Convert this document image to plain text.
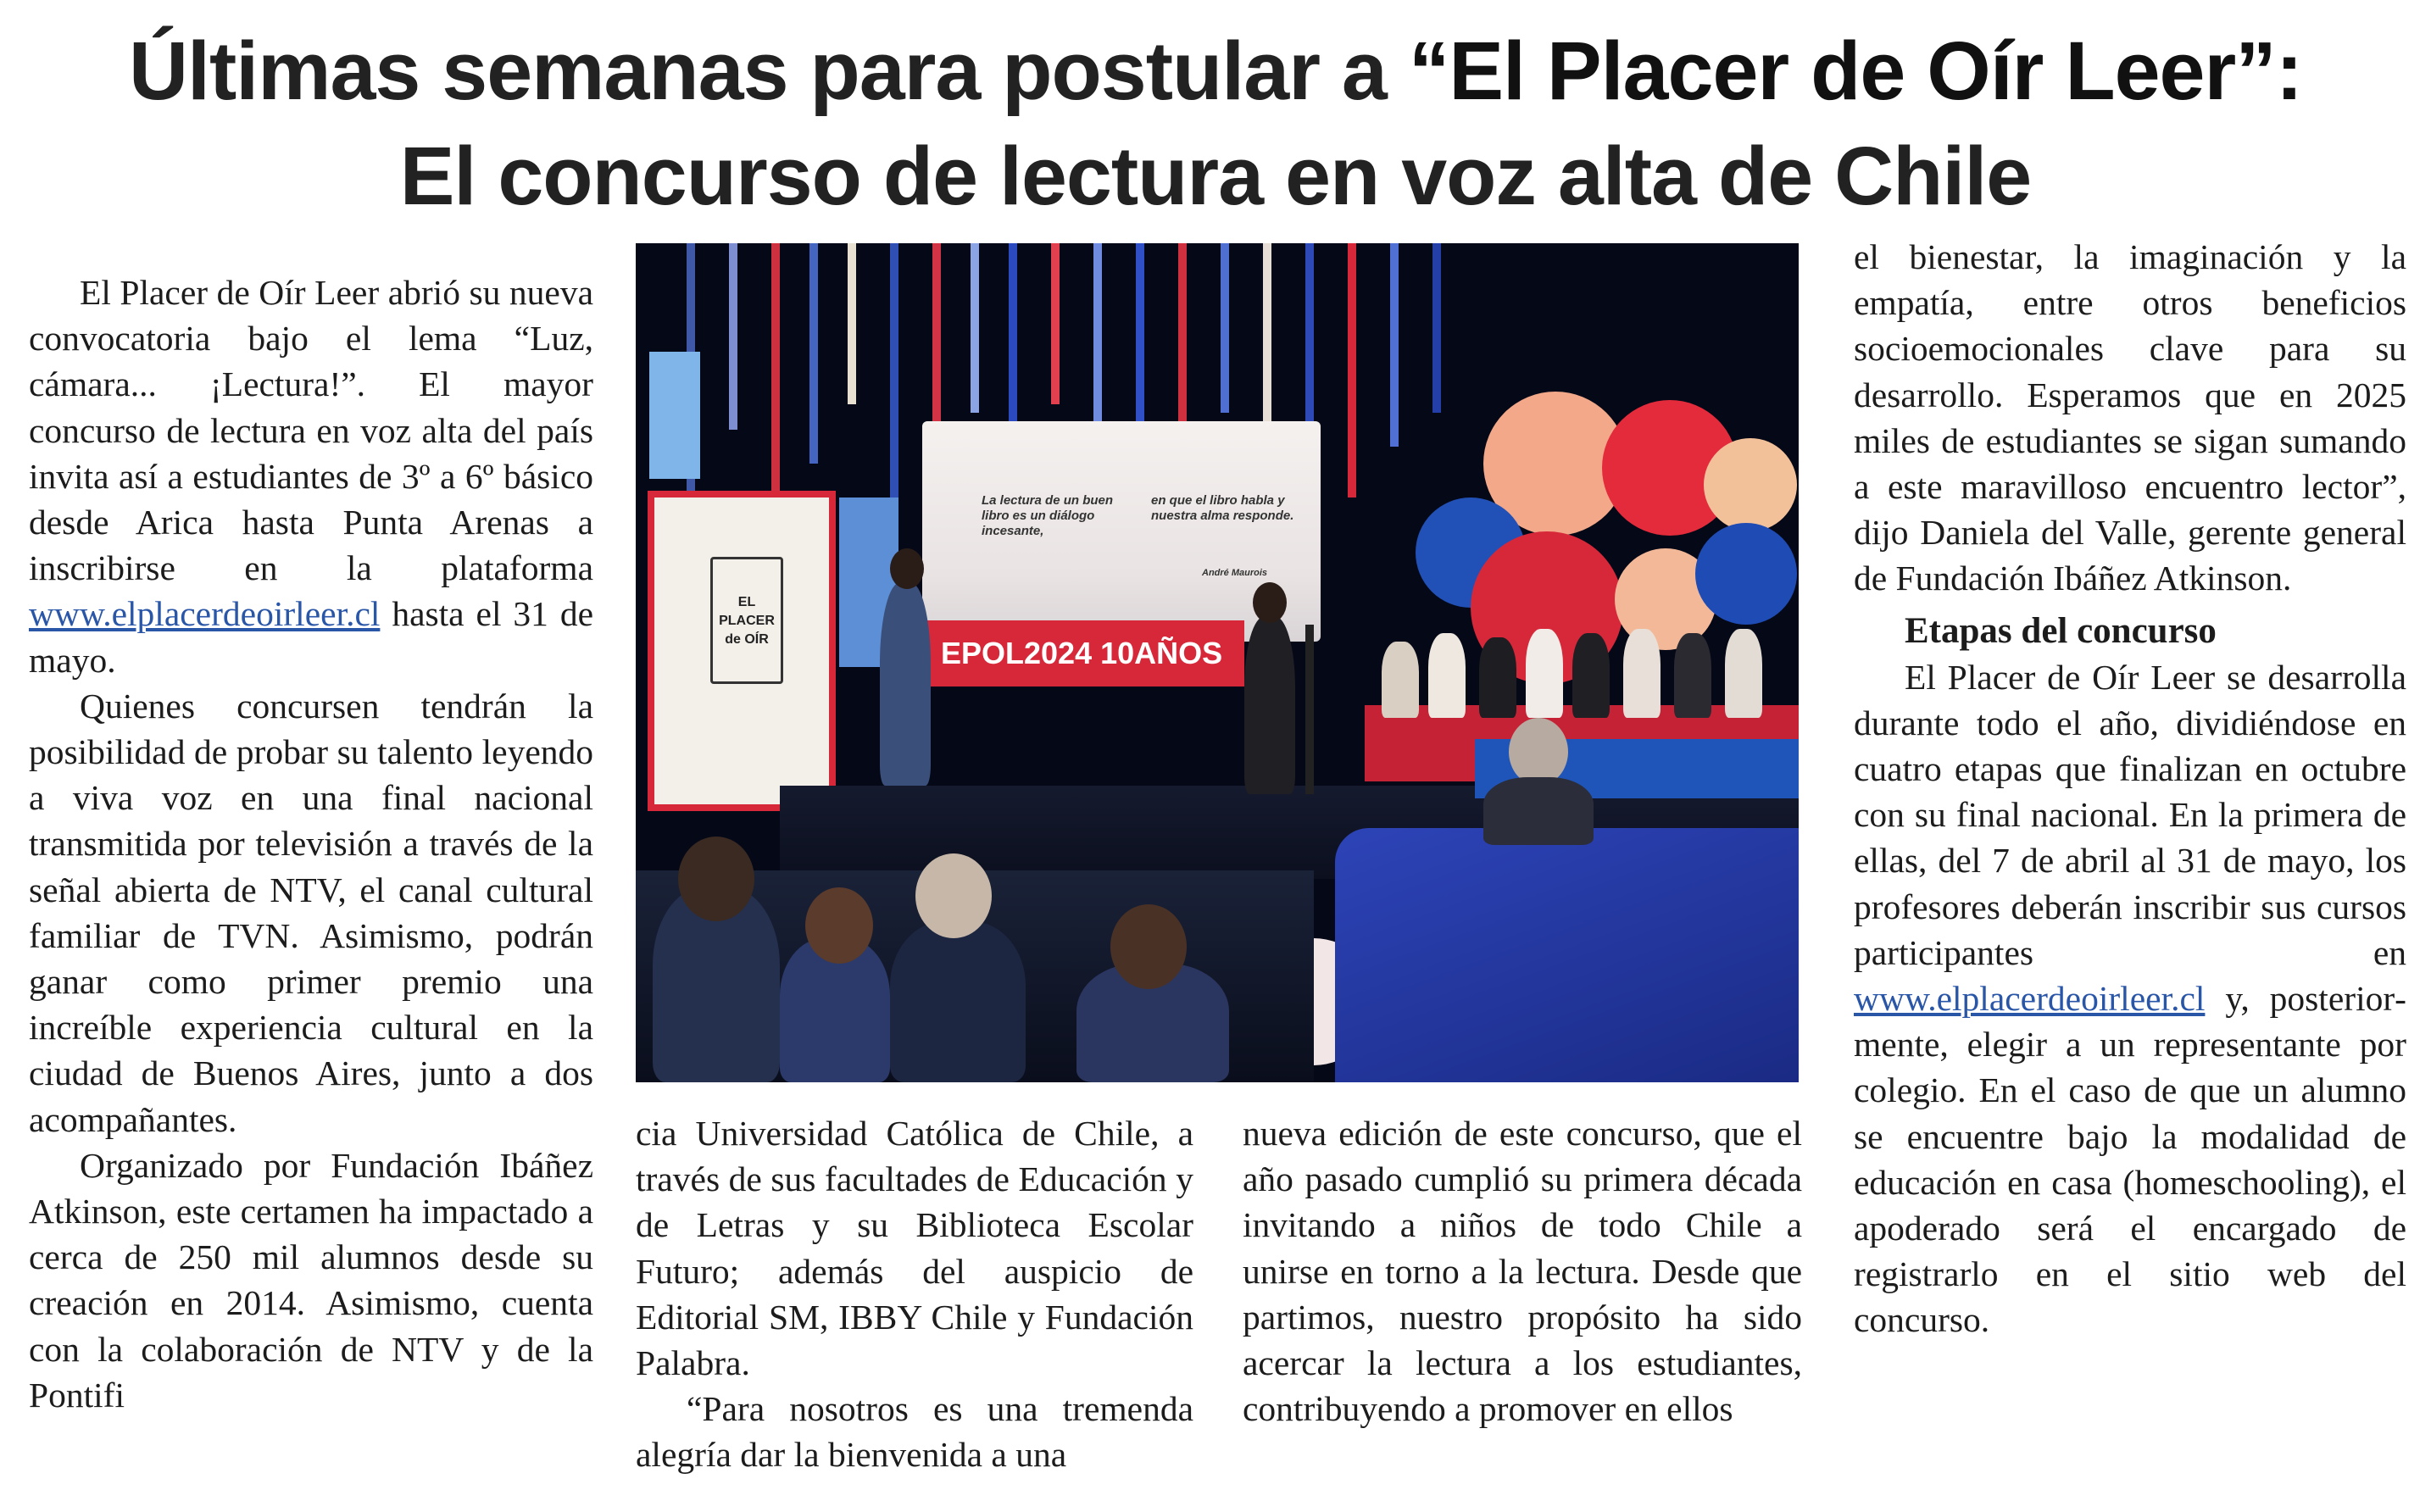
Últimas semanas para postular a “El Placer de Oír Leer”:
El concurso de lectura en voz alta de Chile

El Placer de Oír Leer abrió su nueva convocatoria bajo el lema “Luz, cámara... ¡Lectura!”. El mayor concurso de lectura en voz alta del país invita así a estudiantes de 3º a 6º básico desde Arica hasta Punta Arenas a inscribirse en la plataforma www.elplacerdeoirleer.cl hasta el 31 de mayo.

Quienes concursen tendrán la posibilidad de probar su talento leyendo a viva voz en una final nacional transmitida por televisión a través de la señal abierta de NTV, el canal cultural familiar de TVN. Asimismo, podrán ganar como primer premio una increíble experiencia cultural en la ciudad de Buenos Aires, junto a dos acompañantes.

Organizado por Fundación Ibáñez Atkinson, este certamen ha impactado a cerca de 250 mil alumnos desde su creación en 2014. Asimismo, cuenta con la colaboración de NTV y de la Pontifi

La lectura de un buen libro es un diálogo incesante,
en que el libro habla y nuestra alma responde.
André Maurois
EPOL2024 10AÑOS
EL PLACER de OÍR

cia Universidad Católica de Chile, a través de sus facultades de Educación y de Letras y su Biblioteca Escolar Futuro; además del auspicio de Editorial SM, IBBY Chile y Fundación Palabra.

“Para nosotros es una tremenda alegría dar la bienvenida a una

nueva edición de este concurso, que el año pasado cumplió su primera década invitando a niños de todo Chile a unirse en torno a la lectura. Desde que partimos, nuestro propósito ha sido acercar la lectura a los estudiantes, contribuyendo a promover en ellos

el bienestar, la imaginación y la empatía, entre otros beneficios socioemocionales clave para su desarrollo. Esperamos que en 2025 miles de estudiantes se sigan sumando a este maravilloso encuentro lector”, dijo Daniela del Valle, gerente general de Fundación Ibáñez Atkinson.

Etapas del concurso

El Placer de Oír Leer se desarrolla durante todo el año, dividiéndose en cuatro etapas que finalizan en octubre con su final nacional. En la primera de ellas, del 7 de abril al 31 de mayo, los profesores deberán inscribir sus cursos participantes en www.elplacerdeoirleer.cl y, posteriormente, elegir a un representante por colegio. En el caso de que un alumno se encuentre bajo la modalidad de educación en casa (homeschooling), el apoderado será el encargado de registrarlo en el sitio web del concurso.
